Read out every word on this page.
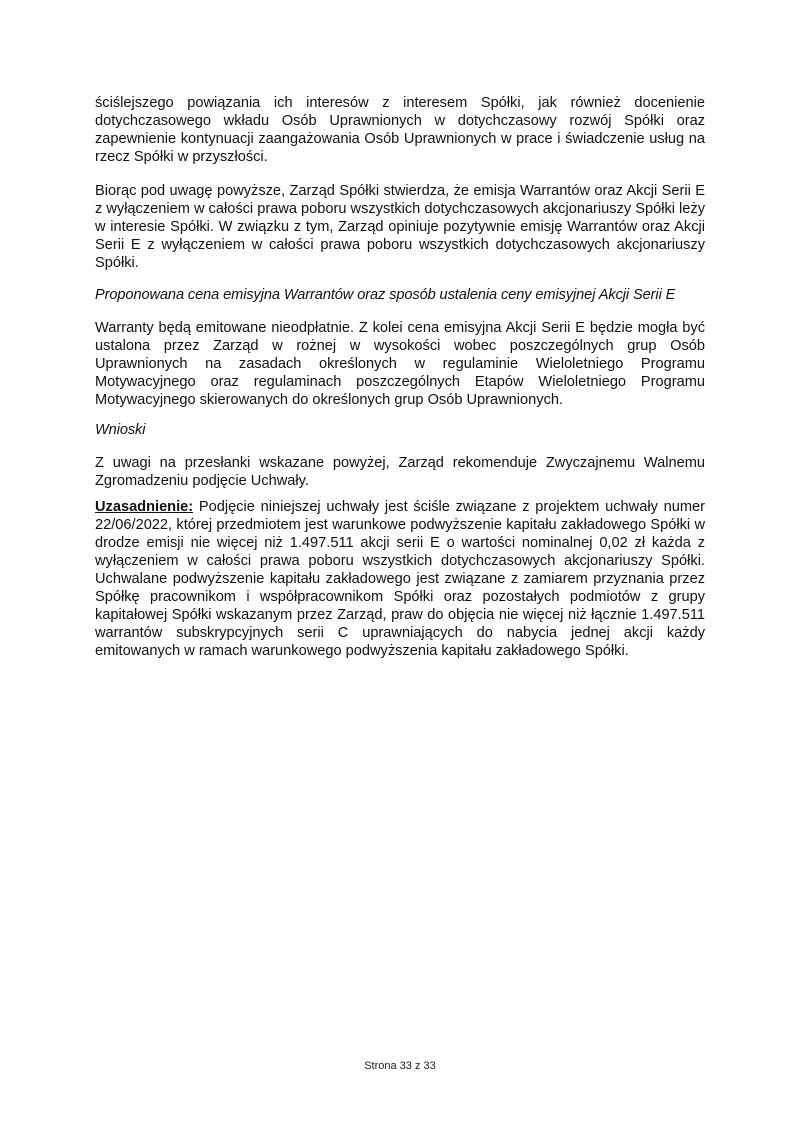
ściślejszego powiązania ich interesów z interesem Spółki, jak również docenienie dotychczasowego wkładu Osób Uprawnionych w dotychczasowy rozwój Spółki oraz zapewnienie kontynuacji zaangażowania Osób Uprawnionych w prace i świadczenie usług na rzecz Spółki w przyszłości.

Biorąc pod uwagę powyższe, Zarząd Spółki stwierdza, że emisja Warrantów oraz Akcji Serii E z wyłączeniem w całości prawa poboru wszystkich dotychczasowych akcjonariuszy Spółki leży w interesie Spółki. W związku z tym, Zarząd opiniuje pozytywnie emisję Warrantów oraz Akcji Serii E z wyłączeniem w całości prawa poboru wszystkich dotychczasowych akcjonariuszy Spółki.

Proponowana cena emisyjna Warrantów oraz sposób ustalenia ceny emisyjnej Akcji Serii E

Warranty będą emitowane nieodpłatnie. Z kolei cena emisyjna Akcji Serii E będzie mogła być ustalona przez Zarząd w rożnej w wysokości wobec poszczególnych grup Osób Uprawnionych na zasadach określonych w regulaminie Wieloletniego Programu Motywacyjnego oraz regulaminach poszczególnych Etapów Wieloletniego Programu Motywacyjnego skierowanych do określonych grup Osób Uprawnionych.

Wnioski

Z uwagi na przesłanki wskazane powyżej, Zarząd rekomenduje Zwyczajnemu Walnemu Zgromadzeniu podjęcie Uchwały.

Uzasadnienie: Podjęcie niniejszej uchwały jest ściśle związane z projektem uchwały numer 22/06/2022, której przedmiotem jest warunkowe podwyższenie kapitału zakładowego Spółki w drodze emisji nie więcej niż 1.497.511 akcji serii E o wartości nominalnej 0,02 zł każda z wyłączeniem w całości prawa poboru wszystkich dotychczasowych akcjonariuszy Spółki. Uchwalane podwyższenie kapitału zakładowego jest związane z zamiarem przyznania przez Spółkę pracownikom i współpracownikom Spółki oraz pozostałych podmiotów z grupy kapitałowej Spółki wskazanym przez Zarząd, praw do objęcia nie więcej niż łącznie 1.497.511 warrantów subskrypcyjnych serii C uprawniających do nabycia jednej akcji każdy emitowanych w ramach warunkowego podwyższenia kapitału zakładowego Spółki.

Strona 33 z 33
